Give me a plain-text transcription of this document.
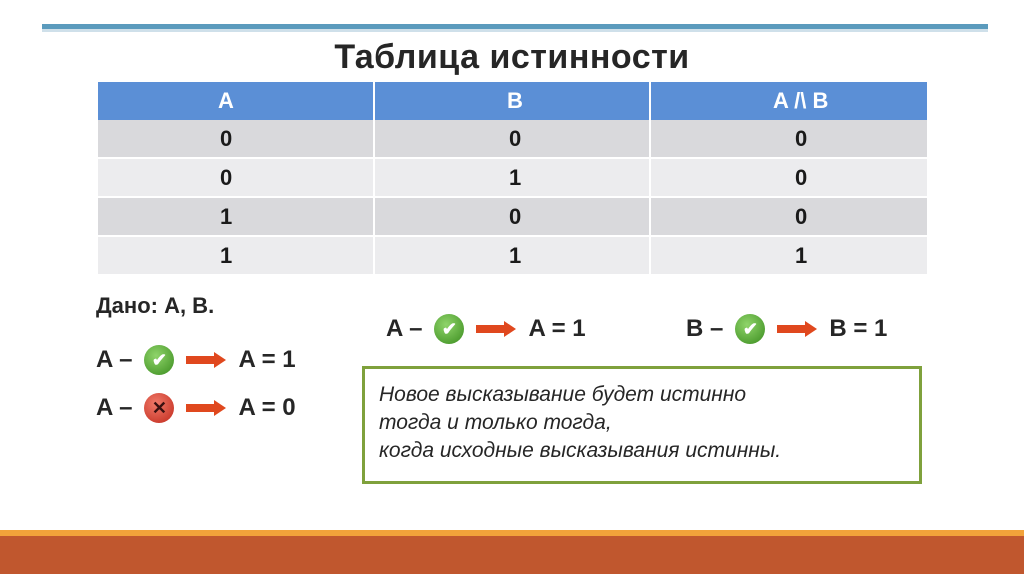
Таблица истинности
A	B	A /\ B
0	0	0
0	1	0
1	0	0
1	1	1
Дано: A, B.
A –	✔	A = 1
A –	✕	A = 0
A –	✔	A = 1	B –	✔	B = 1
Новое высказывание будет истинно
тогда и только тогда,
когда исходные высказывания истинны.
